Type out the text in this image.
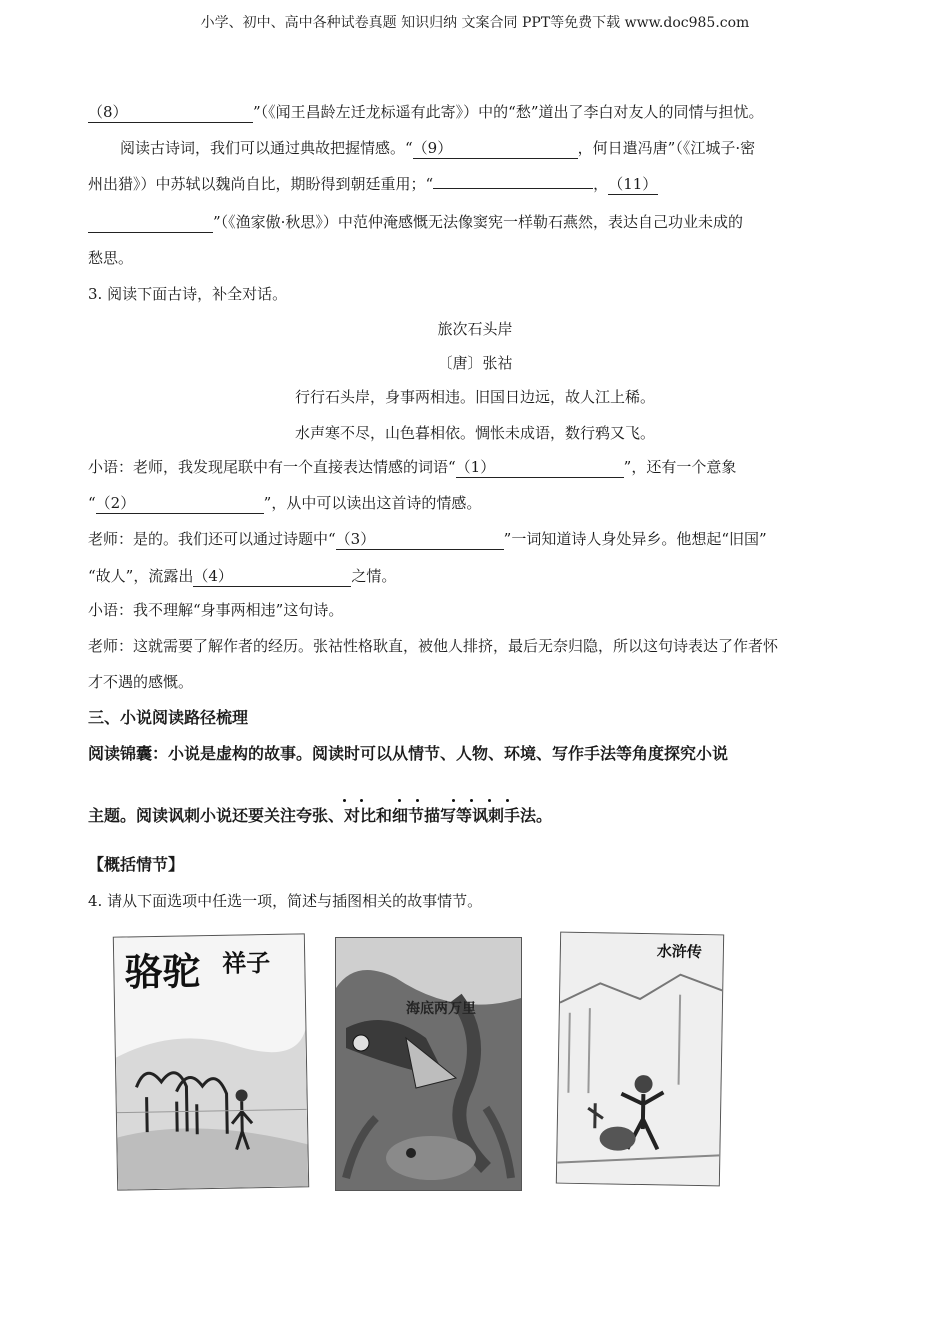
小学、初中、高中各种试卷真题 知识归纳 文案合同 PPT等免费下载 www.doc985.com
（8）	”（《闻王昌龄左迁龙标遥有此寄》）中的“愁”道出了李白对友人的同情与担忧。
阅读古诗词，我们可以通过典故把握情感。“（9）	，何日遣冯唐”（《江城子·密
州出猎》）中苏轼以魏尚自比，期盼得到朝廷重用；“	，（11）
”（《渔家傲·秋思》）中范仲淹感慨无法像窦宪一样勒石燕然，表达自己功业未成的
愁思。
3. 阅读下面古诗，补全对话。
旅次石头岸
〔唐〕张祜
行行石头岸，身事两相违。旧国日边远，故人江上稀。
水声寒不尽，山色暮相依。惆怅未成语，数行鸦又飞。
小语：老师，我发现尾联中有一个直接表达情感的词语“（1）	”，还有一个意象
“（2）	”，从中可以读出这首诗的情感。
老师：是的。我们还可以通过诗题中“（3）	”一词知道诗人身处异乡。他想起“旧国”
“故人”，流露出（4）	之情。
小语：我不理解“身事两相违”这句诗。
老师：这就需要了解作者的经历。张祜性格耿直，被他人排挤，最后无奈归隐，所以这句诗表达了作者怀
才不遇的感慨。
三、小说阅读路径梳理
阅读锦囊：小说是虚构的故事。阅读时可以从情节、人物、环境、写作手法等角度探究小说
主题。阅读讽刺小说还要关注夸张、对比和细节描写等讽刺手法。
【概括情节】
4. 请从下面选项中任选一项，简述与插图相关的故事情节。
骆驼 祥子
海底两万里
水浒传
